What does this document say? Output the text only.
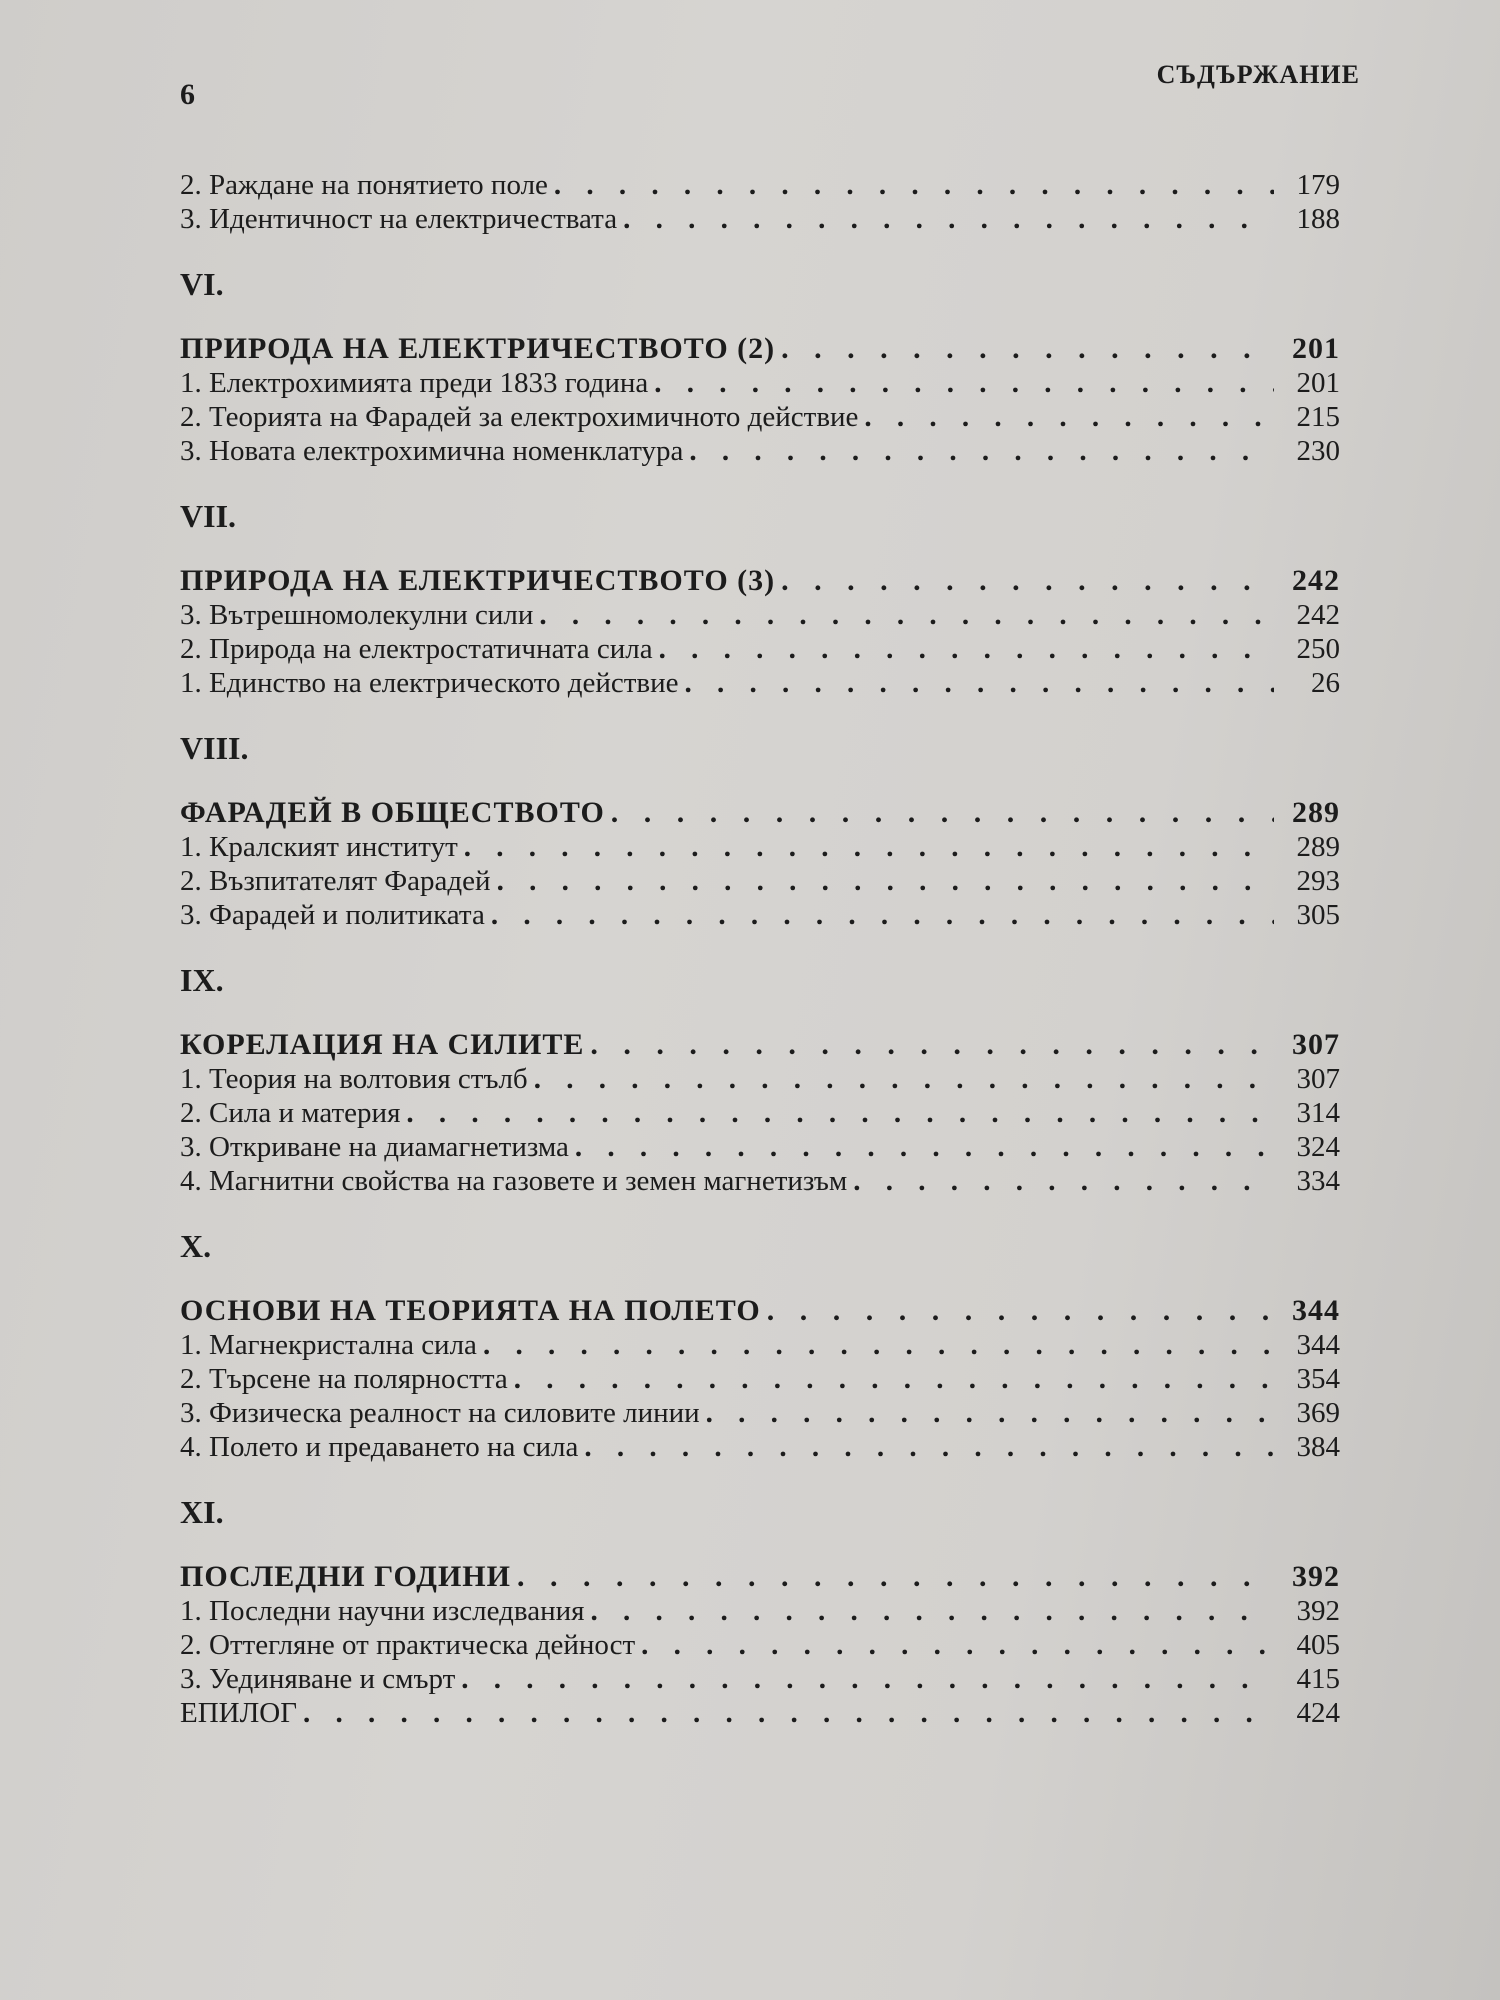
6
СЪДЪРЖАНИЕ
2. Раждане на понятието поле . . .	179
3. Идентичност на електричествата . . .	188
VI.
ПРИРОДА НА ЕЛЕКТРИЧЕСТВОТО (2) . . .	201
1. Електрохимията преди 1833 година . . .	201
2. Теорията на Фарадей за електрохимичното действие . . .	215
3. Новата електрохимична номенклатура . . .	230
VII.
ПРИРОДА НА ЕЛЕКТРИЧЕСТВОТО (3) . . .	242
3. Вътрешномолекулни сили . . .	242
2. Природа на електростатичната сила . . .	250
1. Единство на електрическото действие . . .	26
VIII.
ФАРАДЕЙ В ОБЩЕСТВОТО . . .	289
1. Кралският институт . . .	289
2. Възпитателят Фарадей . . .	293
3. Фарадей и политиката . . .	305
IX.
КОРЕЛАЦИЯ НА СИЛИТЕ . . .	307
1. Теория на волтовия стълб . . .	307
2. Сила и материя . . .	314
3. Откриване на диамагнетизма . . .	324
4. Магнитни свойства на газовете и земен магнетизъм . . .	334
X.
ОСНОВИ НА ТЕОРИЯТА НА ПОЛЕТО . . .	344
1. Магнекристална сила . . .	344
2. Търсене на полярността . . .	354
3. Физическа реалност на силовите линии . . .	369
4. Полето и предаването на сила . . .	384
XI.
ПОСЛЕДНИ ГОДИНИ . . .	392
1. Последни научни изследвания . . .	392
2. Оттегляне от практическа дейност . . .	405
3. Уединяване и смърт . . .	415
ЕПИЛОГ . . .	424
